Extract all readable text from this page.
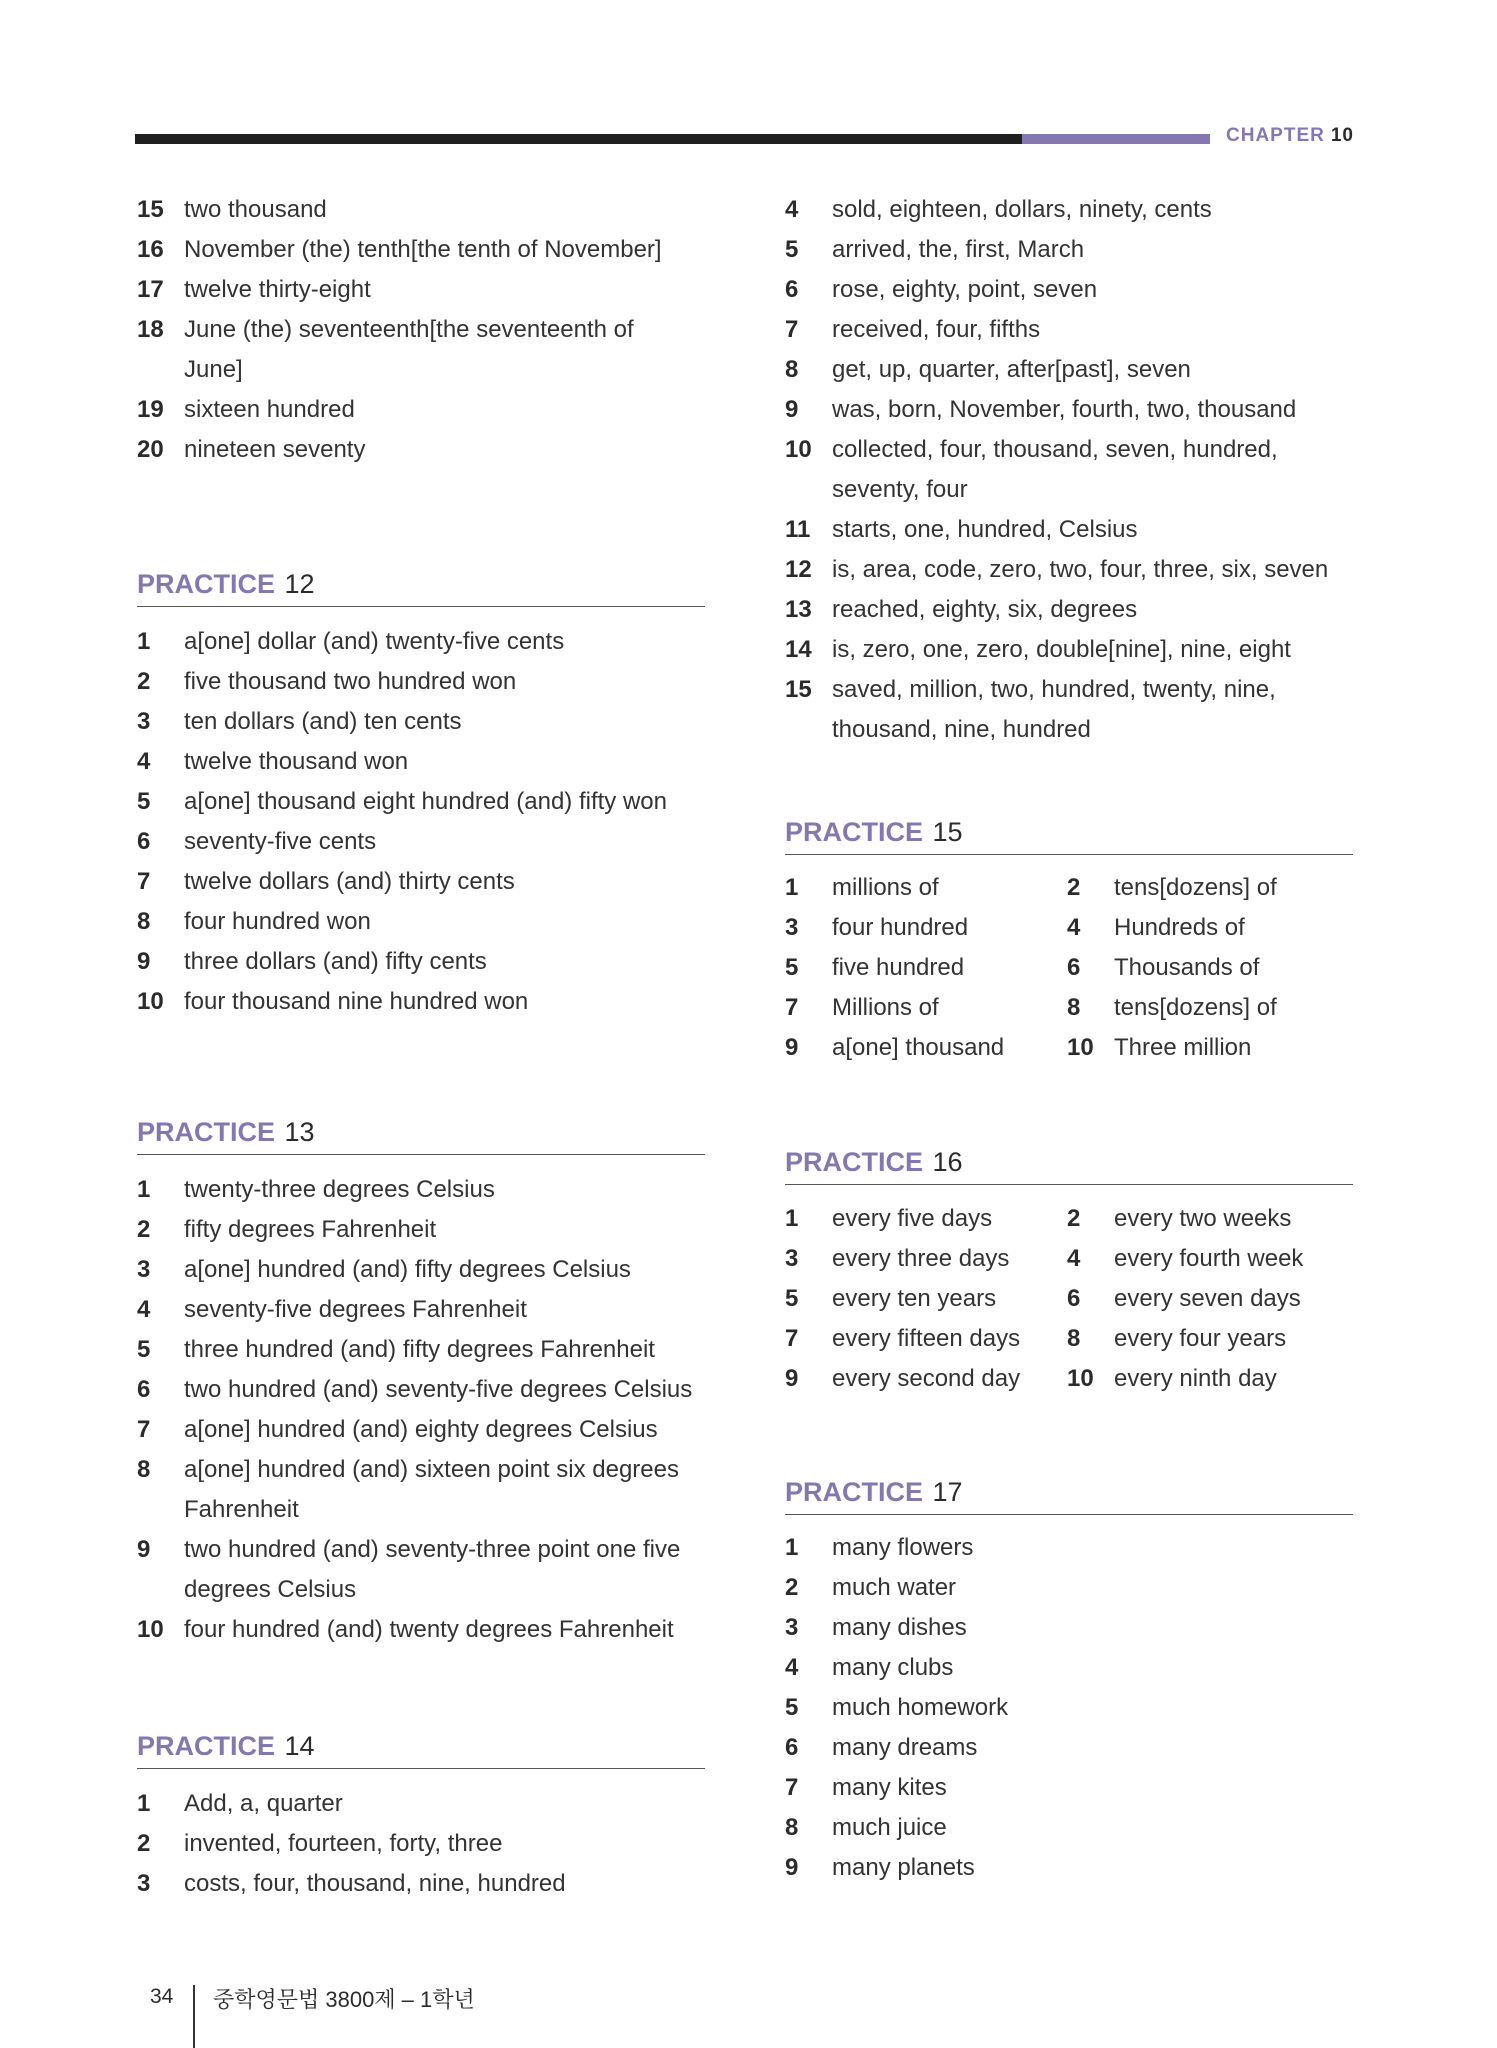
CHAPTER 10
15 two thousand
16 November (the) tenth[the tenth of November]
17 twelve thirty-eight
18 June (the) seventeenth[the seventeenth of
June]
19 sixteen hundred
20 nineteen seventy
PRACTICE 12
1 a[one] dollar (and) twenty-five cents
2 five thousand two hundred won
3 ten dollars (and) ten cents
4 twelve thousand won
5 a[one] thousand eight hundred (and) fifty won
6 seventy-five cents
7 twelve dollars (and) thirty cents
8 four hundred won
9 three dollars (and) fifty cents
10 four thousand nine hundred won
PRACTICE 13
1 twenty-three degrees Celsius
2 fifty degrees Fahrenheit
3 a[one] hundred (and) fifty degrees Celsius
4 seventy-five degrees Fahrenheit
5 three hundred (and) fifty degrees Fahrenheit
6 two hundred (and) seventy-five degrees Celsius
7 a[one] hundred (and) eighty degrees Celsius
8 a[one] hundred (and) sixteen point six degrees
Fahrenheit
9 two hundred (and) seventy-three point one five
degrees Celsius
10 four hundred (and) twenty degrees Fahrenheit
PRACTICE 14
1 Add, a, quarter
2 invented, fourteen, forty, three
3 costs, four, thousand, nine, hundred
4 sold, eighteen, dollars, ninety, cents
5 arrived, the, first, March
6 rose, eighty, point, seven
7 received, four, fifths
8 get, up, quarter, after[past], seven
9 was, born, November, fourth, two, thousand
10 collected, four, thousand, seven, hundred,
seventy, four
11 starts, one, hundred, Celsius
12 is, area, code, zero, two, four, three, six, seven
13 reached, eighty, six, degrees
14 is, zero, one, zero, double[nine], nine, eight
15 saved, million, two, hundred, twenty, nine,
thousand, nine, hundred
PRACTICE 15
1	millions of	2	tens[dozens] of
3	four hundred	4	Hundreds of
5	five hundred	6	Thousands of
7	Millions of	8	tens[dozens] of
9	a[one] thousand	10 Three million
PRACTICE 16
1	every five days	2	every two weeks
3	every three days 4	every fourth week
5	every ten years	6	every seven days
7	every fifteen days 8	every four years
9	every second day 10 every ninth day
PRACTICE 17
1 many flowers
2 much water
3 many dishes
4 many clubs
5 much homework
6 many dreams
7 many kites
8 much juice
9 many planets
34 중학영문법 3800제 – 1학년
